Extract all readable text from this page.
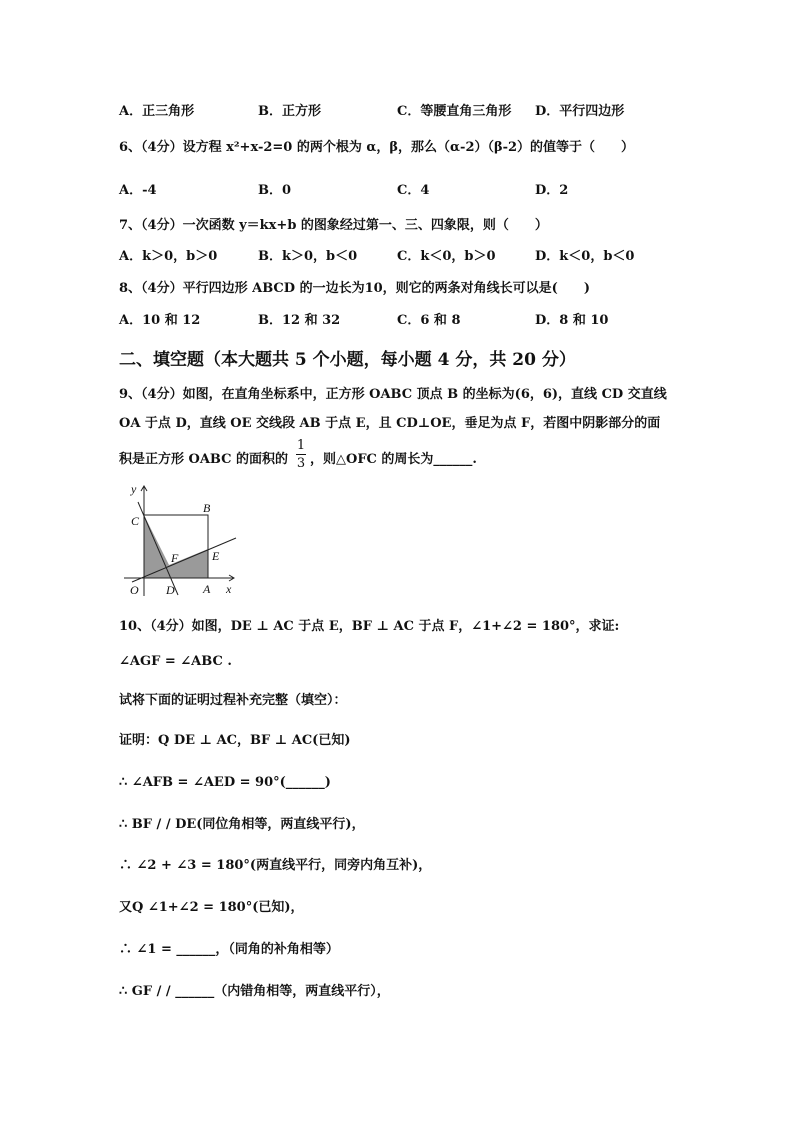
A．正三角形	B．正方形	C．等腰直角三角形 D．平行四边形
6、（4分）设方程 x²+x-2=0 的两个根为 α，β，那么（α-2）（β-2）的值等于（　　）
A．-4	B．0	C．4	D．2
7、（4分）一次函数 y＝kx+b 的图象经过第一、三、四象限，则（　　）
A．k＞0，b＞0	B．k＞0，b＜0	C．k＜0，b＞0	D．k＜0，b＜0
8、（4分）平行四边形 ABCD 的一边长为10，则它的两条对角线长可以是(　　)
A．10 和 12	B．12 和 32	C．6 和 8	D．8 和 10
二、填空题（本大题共 5 个小题，每小题 4 分，共 20 分）
9、（4分）如图，在直角坐标系中，正方形 OABC 顶点 B 的坐标为(6，6)，直线 CD 交直线
OA 于点 D，直线 OE 交线段 AB 于点 E，且 CD⊥OE，垂足为点 F，若图中阴影部分的面
积是正方形 OABC 的面积的
1
3 ，则△OFC 的周长为______.
y
x
O	A
B
C
D
E
F
10、（4分）如图，DE ⊥ AC 于点 E，BF ⊥ AC 于点 F，∠1+∠2 = 180°，求证:
∠AGF = ∠ABC .
试将下面的证明过程补充完整（填空）：
证明：Q DE ⊥ AC，BF ⊥ AC(已知)
∴ ∠AFB = ∠AED = 90°(______)
∴ BF / / DE(同位角相等，两直线平行)，
∴ ∠2 + ∠3 = 180°(两直线平行，同旁内角互补)，
又Q ∠1+∠2 = 180°(已知)，
∴ ∠1 = ______，（同角的补角相等）
∴ GF / / ______（内错角相等，两直线平行），
